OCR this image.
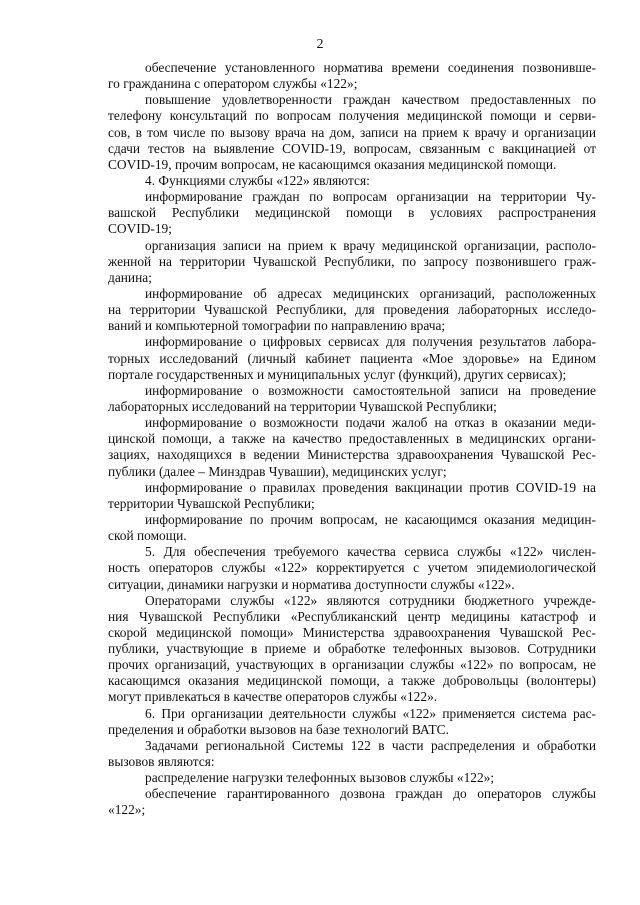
2
обеспечение установленного норматива времени соединения позвонивше-
го гражданина с оператором службы «122»;
повышение удовлетворенности граждан качеством предоставленных по
телефону консультаций по вопросам получения медицинской помощи и серви-
сов, в том числе по вызову врача на дом, записи на прием к врачу и организации
сдачи тестов на выявление COVID-19, вопросам, связанным с вакцинацией от
COVID-19, прочим вопросам, не касающимся оказания медицинской помощи.
4. Функциями службы «122» являются:
информирование граждан по вопросам организации на территории Чу-
вашской Республики медицинской помощи в условиях распространения
COVID-19;
организация записи на прием к врачу медицинской организации, располо-
женной на территории Чувашской Республики, по запросу позвонившего граж-
данина;
информирование об адресах медицинских организаций, расположенных
на территории Чувашской Республики, для проведения лабораторных исследо-
ваний и компьютерной томографии по направлению врача;
информирование о цифровых сервисах для получения результатов лабора-
торных исследований (личный кабинет пациента «Мое здоровье» на Едином
портале государственных и муниципальных услуг (функций), других сервисах);
информирование о возможности самостоятельной записи на проведение
лабораторных исследований на территории Чувашской Республики;
информирование о возможности подачи жалоб на отказ в оказании меди-
цинской помощи, а также на качество предоставленных в медицинских органи-
зациях, находящихся в ведении Министерства здравоохранения Чувашской Рес-
публики (далее – Минздрав Чувашии), медицинских услуг;
информирование о правилах проведения вакцинации против COVID-19 на
территории Чувашской Республики;
информирование по прочим вопросам, не касающимся оказания медицин-
ской помощи.
5. Для обеспечения требуемого качества сервиса службы «122» числен-
ность операторов службы «122» корректируется с учетом эпидемиологической
ситуации, динамики нагрузки и норматива доступности службы «122».
Операторами службы «122» являются сотрудники бюджетного учрежде-
ния Чувашской Республики «Республиканский центр медицины катастроф и
скорой медицинской помощи» Министерства здравоохранения Чувашской Рес-
публики, участвующие в приеме и обработке телефонных вызовов. Сотрудники
прочих организаций, участвующих в организации службы «122» по вопросам, не
касающимся оказания медицинской помощи, а также добровольцы (волонтеры)
могут привлекаться в качестве операторов службы «122».
6. При организации деятельности службы «122» применяется система рас-
пределения и обработки вызовов на базе технологий ВАТС.
Задачами региональной Системы 122 в части распределения и обработки
вызовов являются:
распределение нагрузки телефонных вызовов службы «122»;
обеспечение гарантированного дозвона граждан до операторов службы
«122»;
